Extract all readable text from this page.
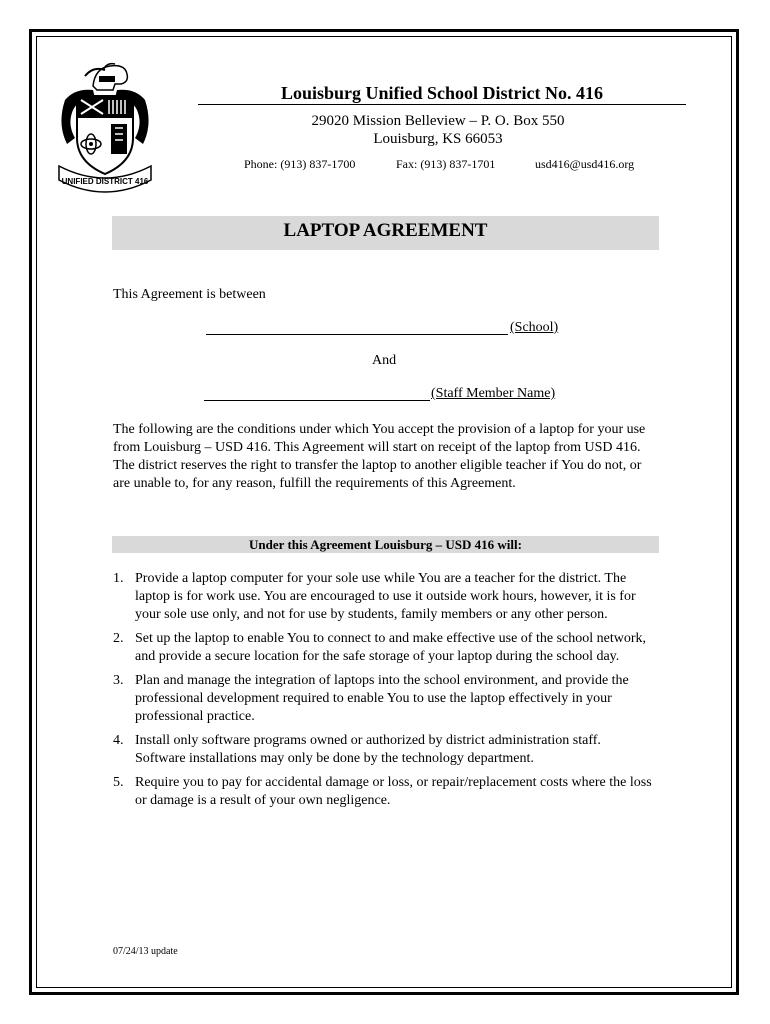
UNIFIED DISTRICT 416
Louisburg Unified School District No. 416
29020 Mission Belleview – P. O. Box 550
Louisburg, KS 66053
Phone: (913) 837-1700	Fax: (913) 837-1701	usd416@usd416.org
LAPTOP AGREEMENT
This Agreement is between
(School)
And
(Staff Member Name)
The following are the conditions under which You accept the provision of a laptop for your use from Louisburg – USD 416. This Agreement will start on receipt of the laptop from USD 416. The district reserves the right to transfer the laptop to another eligible teacher if You do not, or are unable to, for any reason, fulfill the requirements of this Agreement.
Under this Agreement Louisburg – USD 416 will:
1. Provide a laptop computer for your sole use while You are a teacher for the district. The laptop is for work use. You are encouraged to use it outside work hours, however, it is for your sole use only, and not for use by students, family members or any other person.
2. Set up the laptop to enable You to connect to and make effective use of the school network, and provide a secure location for the safe storage of your laptop during the school day.
3. Plan and manage the integration of laptops into the school environment, and provide the professional development required to enable You to use the laptop effectively in your professional practice.
4. Install only software programs owned or authorized by district administration staff. Software installations may only be done by the technology department.
5. Require you to pay for accidental damage or loss, or repair/replacement costs where the loss or damage is a result of your own negligence.
07/24/13 update
